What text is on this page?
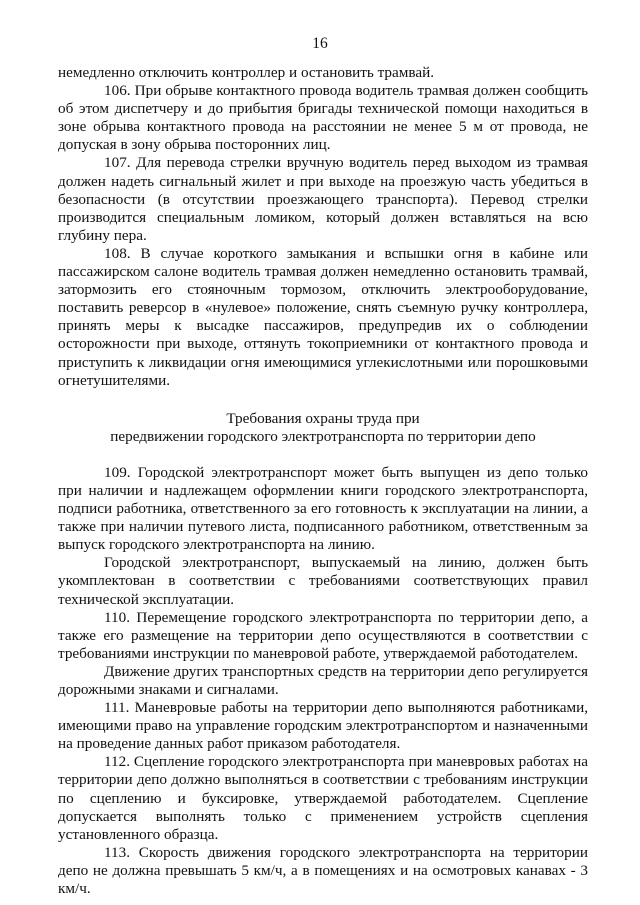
16

немедленно отключить контроллер и остановить трамвай.

106. При обрыве контактного провода водитель трамвая должен сообщить об этом диспетчеру и до прибытия бригады технической помощи находиться в зоне обрыва контактного провода на расстоянии не менее 5 м от провода, не допуская в зону обрыва посторонних лиц.

107. Для перевода стрелки вручную водитель перед выходом из трамвая должен надеть сигнальный жилет и при выходе на проезжую часть убедиться в безопасности (в отсутствии проезжающего транспорта). Перевод стрелки производится специальным ломиком, который должен вставляться на всю глубину пера.

108. В случае короткого замыкания и вспышки огня в кабине или пассажирском салоне водитель трамвая должен немедленно остановить трамвай, затормозить его стояночным тормозом, отключить электрооборудование, поставить реверсор в «нулевое» положение, снять съемную ручку контроллера, принять меры к высадке пассажиров, предупредив их о соблюдении осторожности при выходе, оттянуть токоприемники от контактного провода и приступить к ликвидации огня имеющимися углекислотными или порошковыми огнетушителями.

Требования охраны труда при

передвижении городского электротранспорта по территории депо

109. Городской электротранспорт может быть выпущен из депо только при наличии и надлежащем оформлении книги городского электротранспорта, подписи работника, ответственного за его готовность к эксплуатации на линии, а также при наличии путевого листа, подписанного работником, ответственным за выпуск городского электротранспорта на линию.

Городской электротранспорт, выпускаемый на линию, должен быть укомплектован в соответствии с требованиями соответствующих правил технической эксплуатации.

110. Перемещение городского электротранспорта по территории депо, а также его размещение на территории депо осуществляются в соответствии с требованиями инструкции по маневровой работе, утверждаемой работодателем.

Движение других транспортных средств на территории депо регулируется дорожными знаками и сигналами.

111. Маневровые работы на территории депо выполняются работниками, имеющими право на управление городским электротранспортом и назначенными на проведение данных работ приказом работодателя.

112. Сцепление городского электротранспорта при маневровых работах на территории депо должно выполняться в соответствии с требованиям инструкции по сцеплению и буксировке, утверждаемой работодателем. Сцепление допускается выполнять только с применением устройств сцепления установленного образца.

113. Скорость движения городского электротранспорта на территории депо не должна превышать 5 км/ч, а в помещениях и на осмотровых канавах - 3 км/ч.
